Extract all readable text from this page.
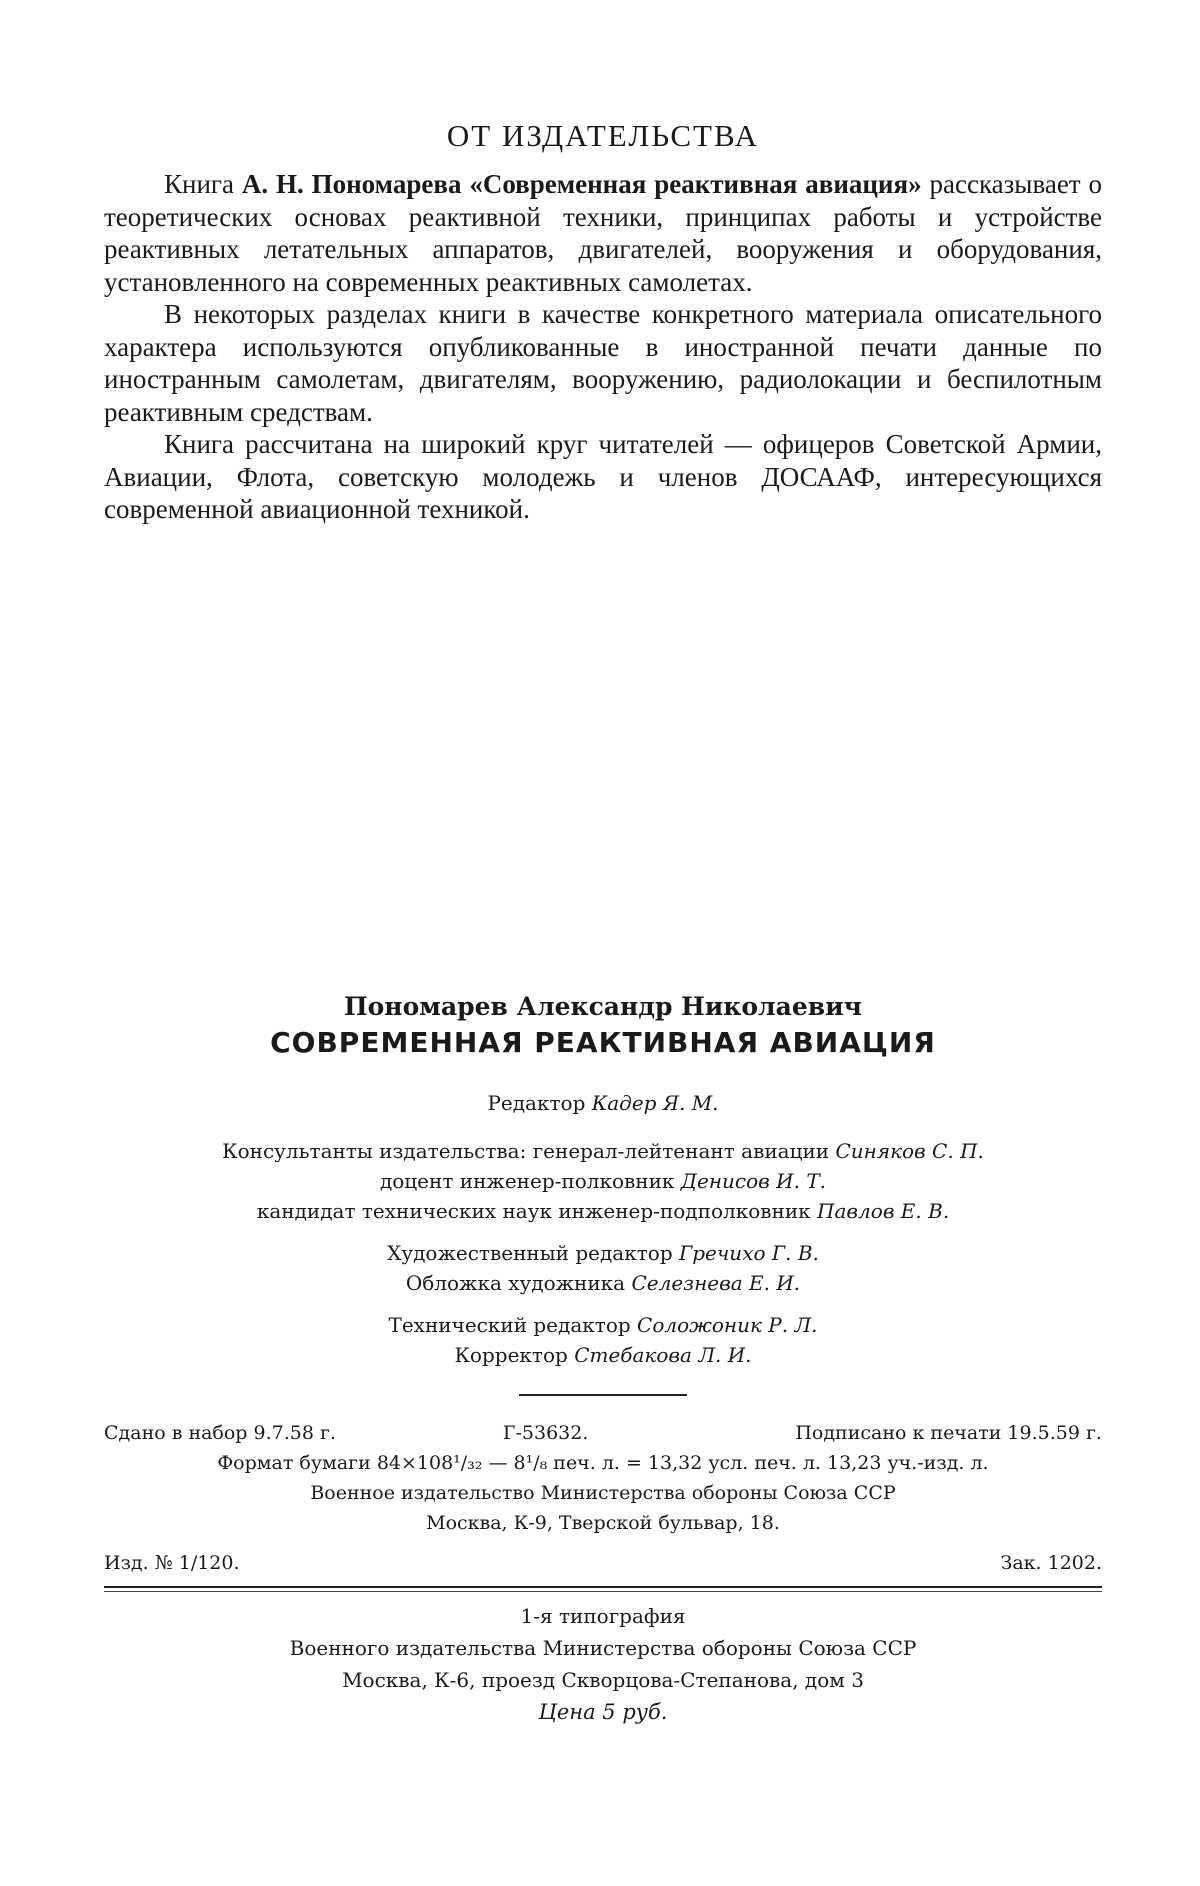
ОТ ИЗДАТЕЛЬСТВА

Книга А. Н. Пономарева «Современная реактивная авиация» рассказывает о теоретических основах реактивной техники, принципах работы и устройстве реактивных летательных аппаратов, двигателей, вооружения и оборудования, установленного на современных реактивных самолетах.

В некоторых разделах книги в качестве конкретного материала описательного характера используются опубликованные в иностранной печати данные по иностранным самолетам, двигателям, вооружению, радиолокации и беспилотным реактивным средствам.

Книга рассчитана на широкий круг читателей — офицеров Советской Армии, Авиации, Флота, советскую молодежь и членов ДОСААФ, интересующихся современной авиационной техникой.

Пономарев Александр Николаевич
СОВРЕМЕННАЯ РЕАКТИВНАЯ АВИАЦИЯ
Редактор Кадер Я. М.
Консультанты издательства: генерал-лейтенант авиации Синяков С. П.
доцент инженер-полковник Денисов И. Т.
кандидат технических наук инженер-подполковник Павлов Е. В.
Художественный редактор Гречихо Г. В.
Обложка художника Селезнева Е. И.
Технический редактор Соложоник Р. Л.
Корректор Стебакова Л. И.
Сдано в набор 9.7.58 г.	Г-53632.	Подписано к печати 19.5.59 г.
Формат бумаги 84×108¹/₃₂ — 8¹/₈ печ. л. = 13,32 усл. печ. л. 13,23 уч.-изд. л.
Военное издательство Министерства обороны Союза ССР
Москва, К-9, Тверской бульвар, 18.
Изд. № 1/120.	Зак. 1202.
1-я типография
Военного издательства Министерства обороны Союза ССР
Москва, К-6, проезд Скворцова-Степанова, дом 3
Цена 5 руб.
